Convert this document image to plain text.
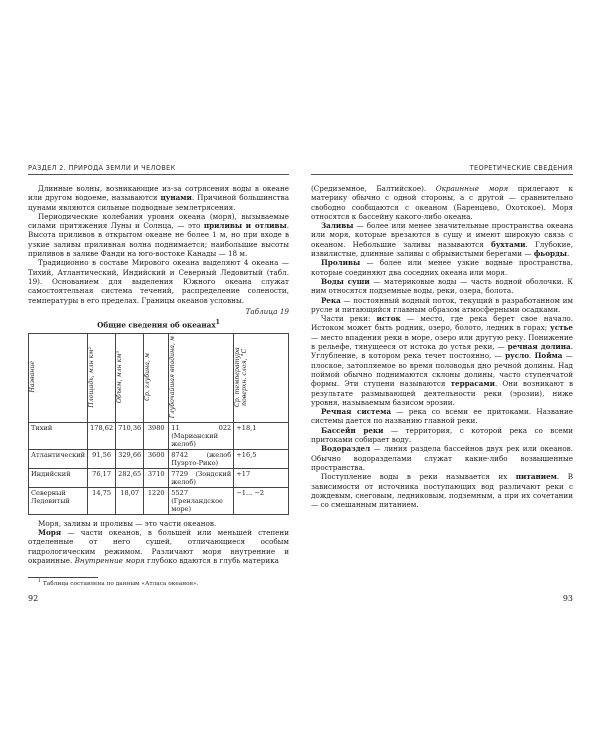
РАЗДЕЛ 2. ПРИРОДА ЗЕМЛИ И ЧЕЛОВЕК

Длинные волны, возникающие из-за сотрясения воды в океане или другом водоеме, называются цунами. Причиной большинства цунами являются сильные подводные землетрясения.

Периодические колебания уровня океана (моря), вызываемые силами притяжения Луны и Солнца, — это приливы и отливы. Высота приливов в открытом океане не более 1 м, но при входе в узкие заливы приливная волна поднимается; наибольшие высоты приливов в заливе Фанди на юго-востоке Канады — 18 м.

Традиционно в составе Мирового океана выделяют 4 океана — Тихий, Атлантический, Индийский и Северный Ледовитый (табл. 19). Основанием для выделения Южного океана служат самостоятельная система течений, распределение солености, температуры в его пределах. Границы океанов условны.

Таблица 19
Общие сведения об океанах$^1$
Название	Площадь, млн км²	Объем, млн км³	Ср. глубина, м	Глубочайшая впадина, м	Ср. температура поверхн. слоя, °C
Тихий	178,62	710,36	3980	11 022 (Марианский желоб)	+18,1
Атлантический	91,56	329,66	3600	8742 (желоб Пуэрто-Рико)	+16,5
Индийский	76,17	282,65	3710	7729 (Зондский желоб)	+17
Северный Ледовитый	14,75	18,07	1220	5527 (Гренландское море)	−1... −2

Моря, заливы и проливы — это части океанов.

Моря — части океанов, в большей или меньшей степени отделенные от него сушей, отличающиеся особым гидрологическим режимом. Различают моря внутренние и окраинные. Внутренние моря глубоко вдаются в глубь материка

$^1$ Таблица составлена по данным «Атласа океанов».

92
ТЕОРЕТИЧЕСКИЕ СВЕДЕНИЯ

(Средиземное, Балтийское). Окраинные моря прилегают к материку обычно с одной стороны, а с другой — сравнительно свободно сообщаются с океаном (Баренцево, Охотское). Моря относятся к бассейну какого-либо океана.

Заливы — более или менее значительные пространства океана или моря, которые врезаются в сушу и имеют широкую связь с океаном. Небольшие заливы называются бухтами. Глубокие, извилистые, длинные заливы с обрывистыми берегами — фьорды.

Проливы — более или менее узкие водные пространства, которые соединяют два соседних океана или моря.

Воды суши — материковые воды — часть водной оболочки. К ним относятся подземные воды, реки, озера, болота.

Река — постоянный водный поток, текущий в разработанном им русле и питающийся главным образом атмосферными осадками.

Части реки: исток — место, где река берет свое начало. Истоком может быть родник, озеро, болото, ледник в горах; устье — место впадения реки в море, озеро или другую реку. Понижение в рельефе, тянущееся от истока до устья реки, — речная долина. Углубление, в котором река течет постоянно, — русло. Пойма — плоское, затопляемое во время половодья дно речной долины. Над поймой обычно поднимаются склоны долины, часто ступенчатой формы. Эти ступени называются террасами. Они возникают в результате размывающей деятельности реки (эрозии), ниже уровня, называемым базисом эрозии.

Речная система — река со всеми ее притоками. Название системы дается по названию главной реки.

Бассейн реки — территория, с которой река со всеми притоками собирает воду.

Водораздел — линия раздела бассейнов двух рек или океанов. Обычно водоразделами служат какие-либо возвышенные пространства.

Поступление воды в реки называется их питанием. В зависимости от источника поступающих вод различают реки с дождевым, снеговым, ледниковым, подземным, а при их сочетании — со смешанным питанием.

93
